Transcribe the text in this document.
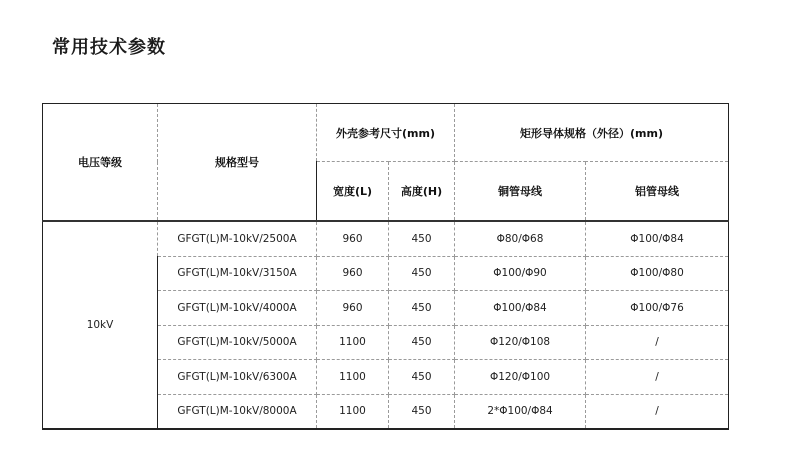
常用技术参数
电压等级	规格型号	外壳参考尺寸(mm)		矩形导体规格（外径）(mm)	
		宽度(L)	高度(H)	铜管母线	铝管母线
10kV	GFGT(L)M-10kV/2500A	960	450	Φ80/Φ68	Φ100/Φ84
	GFGT(L)M-10kV/3150A	960	450	Φ100/Φ90	Φ100/Φ80
	GFGT(L)M-10kV/4000A	960	450	Φ100/Φ84	Φ100/Φ76
	GFGT(L)M-10kV/5000A	1100	450	Φ120/Φ108	/
	GFGT(L)M-10kV/6300A	1100	450	Φ120/Φ100	/
	GFGT(L)M-10kV/8000A	1100	450	2*Φ100/Φ84	/
